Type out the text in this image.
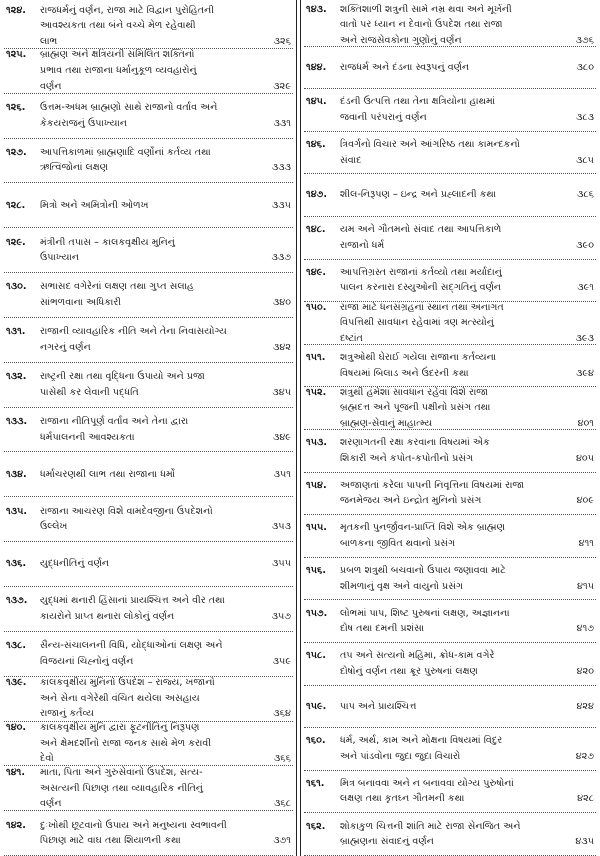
૧૨૪.	રાજધર્મનું વર્ણન, રાજા માટે વિદ્વાન પુરોહિતની
આવશ્યકતા તથા બંને વચ્ચે મેળ રહેવાથી
લાભ	૩૨૬
૧૨૫.	બ્રાહ્મણ અને ક્ષત્રિયની સંમિલિત શક્તિનો
પ્રભાવ તથા રાજાના ધર્માનુકૂળ વ્યવહારોનું
વર્ણન	૩૨૯
૧૨૬.	ઉત્તમ-અધમ બ્રાહ્મણો સાથે રાજાનો વર્તાવ અને
કેકયરાજનું ઉપાખ્યાન	૩૩૧
૧૨૭.	આપત્તિકાળમાં બ્રાહ્મણાદિ વર્ણોનાં કર્તવ્ય તથા
ઋત્વિજોનાં લક્ષણ	૩૩૩
૧૨૮.	મિત્રો અને અમિત્રોની ઓળખ	૩૩૫
૧૨૯.	મંત્રીની તપાસ – કાલકવૃક્ષીય મુનિનું
ઉપાખ્યાન	૩૩૭
૧૩૦.	સભાસદ વગેરેનાં લક્ષણ તથા ગુપ્ત સલાહ
સાંભળવાના અધિકારી	૩૪૦
૧૩૧.	રાજાની વ્યાવહારિક નીતિ અને તેના નિવાસયોગ્ય
નગરનું વર્ણન	૩૪૨
૧૩૨.	રાષ્ટ્રની રક્ષા તથા વૃદ્ધિના ઉપાયો અને પ્રજા
પાસેથી કર લેવાની પદ્ધતિ	૩૪૫
૧૩૩.	રાજાના નીતિપૂર્ણ વર્તાવ અને તેના દ્વારા
ધર્મપાલનની આવશ્યકતા	૩૪૯
૧૩૪.	ધર્માચરણથી લાભ તથા રાજાના ધર્મો	૩૫૧
૧૩૫.	રાજાના આચરણ વિશે વામદેવજીના ઉપદેશનો
ઉલ્લેખ	૩૫૩
૧૩૬.	યુદ્ધનીતિનું વર્ણન	૩૫૫
૧૩૭.	યુદ્ધમાં થનારી હિંસાનાં પ્રાયશ્ચિત્ત અને વીર તથા
કાયરોને પ્રાપ્ત થનારા લોકોનું વર્ણન	૩૫૭
૧૩૮.	સૈન્ય-સંચાલનની વિધિ, યોદ્ધાઓનાં લક્ષણ અને
વિજયનાં ચિહ્નોનું વર્ણન	૩૫૯
૧૩૯.	કાલકવૃક્ષીય મુનિનો ઉપદેશ – રાજ્ય, ખજાનો
અને સેના વગેરેથી વંચિત થયેલા અસહાય
રાજાનું કર્તવ્ય	૩૬૪
૧૪૦.	કાલકવૃક્ષીય મુનિ દ્વારા ફૂટનીતિનું નિરૂપણ
અને ક્ષેમદર્શીનો રાજા જનક સાથે મેળ કરાવી
દેવો	૩૬૬
૧૪૧.	માતા, પિતા અને ગુરુસેવાનો ઉપદેશ, સત્ય-
અસત્યની પિછાણ તથા વ્યાવહારિક નીતિનું
વર્ણન	૩૬૮
૧૪૨.	દુઃખોથી છૂટવાનો ઉપાય અને મનુષ્યના સ્વભાવની
પિછાણ માટે વાઘ તથા શિયાળની કથા	૩૭૧
૧૪૩.	શક્તિશાળી શત્રુની સામે નમ્ર થવા અને મૂર્ખની
વાતો પર ધ્યાન ન દેવાનો ઉપદેશ તથા રાજા
અને રાજસેવકોના ગુણોનું વર્ણન	૩૭૬
૧૪૪.	રાજધર્મ અને દંડના સ્વરૂપનું વર્ણન	૩૮૦
૧૪૫.	દંડની ઉત્પત્તિ તથા તેના ક્ષત્રિયોના હાથમાં
જવાની પરંપરાનું વર્ણન	૩૮૩
૧૪૬.	ત્રિવર્ગનો વિચાર અને આંગરિષ્ઠ તથા કામન્દકનો
સંવાદ	૩૮૫
૧૪૭.	શીલ-નિરૂપણ – ઇન્દ્ર અને પ્રહ્લાદની કથા	૩૮૬
૧૪૮.	યમ અને ગૌતમનો સંવાદ તથા આપત્તિકાળે
રાજાનો ધર્મ	૩૯૦
૧૪૯.	આપત્તિગ્રસ્ત રાજાનાં કર્તવ્યો તથા મર્યાદાનું
પાલન કરનારા દસ્યુઓની સદ્ગતિનું વર્ણન	૩૯૧
૧૫૦.	રાજા માટે ધનસંગ્રહનાં સ્થાન તથા અનાગત
વિપત્તિથી સાવધાન રહેવામાં ત્રણ મત્સ્યોનું
દષ્ટાંત	૩૯૩
૧૫૧.	શત્રુઓથી ઘેરાઈ ગયેલા રાજાના કર્તવ્યના
વિષયમાં બિલાડ અને ઉંદરની કથા	૩૯૪
૧૫૨.	શત્રુથી હંમેશાં સાવધાન રહેવા વિશે રાજા
બ્રહ્મદત્ત અને પૂજની પક્ષીનો પ્રસંગ તથા
બ્રાહ્મણ-સેવાનું માહાત્મ્ય	૪૦૧
૧૫૩.	શરણાગતની રક્ષા કરવાના વિષયમાં એક
શિકારી અને કપોત-કપોતીનો પ્રસંગ	૪૦૫
૧૫૪.	અજાણતાં કરેલા પાપની નિવૃત્તિના વિષયમાં રાજા
જનમેજય અને ઇન્દ્રોત મુનિનો પ્રસંગ	૪૦૯
૧૫૫.	મૃતકની પુનર્જીવન-પ્રાપ્તિ વિશે એક બ્રાહ્મણ
બાળકના જીવિત થવાનો પ્રસંગ	૪૧૧
૧૫૬.	પ્રબળ શત્રુથી બચવાનો ઉપાય જણાવવા માટે
શીમળાનું વૃક્ષ અને વાયુનો પ્રસંગ	૪૧૫
૧૫૭.	લોભમાં પાપ, શિષ્ટ પુરુષનાં લક્ષણ, અજ્ઞાનના
દોષ તથા દમની પ્રશંસા	૪૧૭
૧૫૮.	તપ અને સત્યનો મહિમા, ક્રોધ-કામ વગેરે
દોષોનું વર્ણન તથા ક્રૂર પુરુષનાં લક્ષણ	૪૨૦
૧૫૯.	પાપ અને પ્રાયશ્ચિત્ત	૪૨૪
૧૬૦.	ધર્મ, અર્થ, કામ અને મોક્ષના વિષયમાં વિદુર
અને પાંડવોના જુદા જુદા વિચારો	૪૨૭
૧૬૧.	મિત્ર બનાવવા અને ન બનાવવા યોગ્ય પુરુષોનાં
લક્ષણ તથા કૃતઘ્ન ગૌતમની કથા	૪૨૮
૧૬૨.	શોકાકુળ ચિત્તની શાંતિ માટે રાજા સેનજિત અને
બ્રાહ્મણના સંવાદનું વર્ણન	૪૩૫
